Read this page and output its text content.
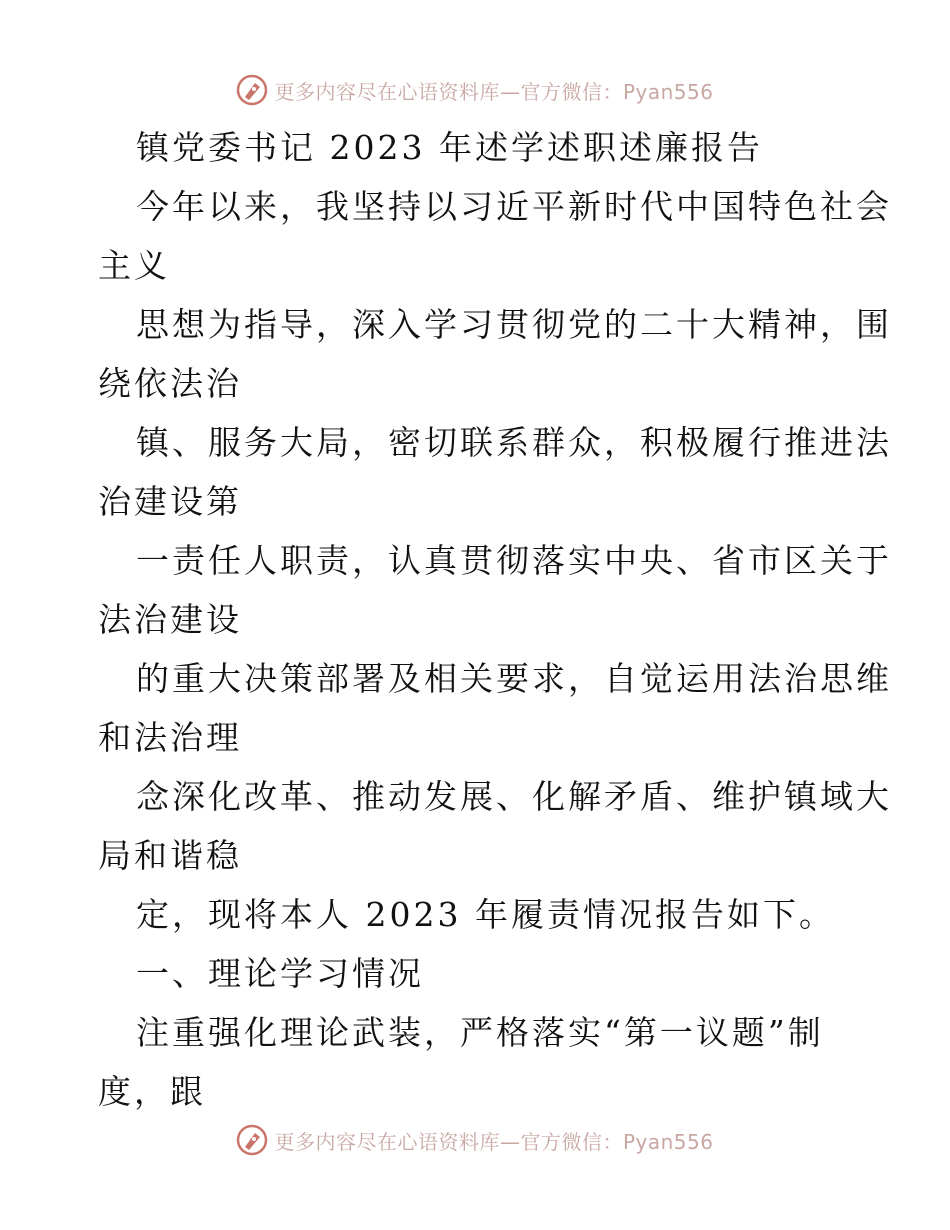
更多内容尽在心语资料库—官方微信：Pyan556
镇党委书记 2023 年述学述职述廉报告
今年以来，我坚持以习近平新时代中国特色社会
主义
思想为指导，深入学习贯彻党的二十大精神，围
绕依法治
镇、服务大局，密切联系群众，积极履行推进法
治建设第
一责任人职责，认真贯彻落实中央、省市区关于
法治建设
的重大决策部署及相关要求，自觉运用法治思维
和法治理
念深化改革、推动发展、化解矛盾、维护镇域大
局和谐稳
定，现将本人 2023 年履责情况报告如下。
一、理论学习情况
注重强化理论武装，严格落实“第一议题”制
度，跟
更多内容尽在心语资料库—官方微信：Pyan556
